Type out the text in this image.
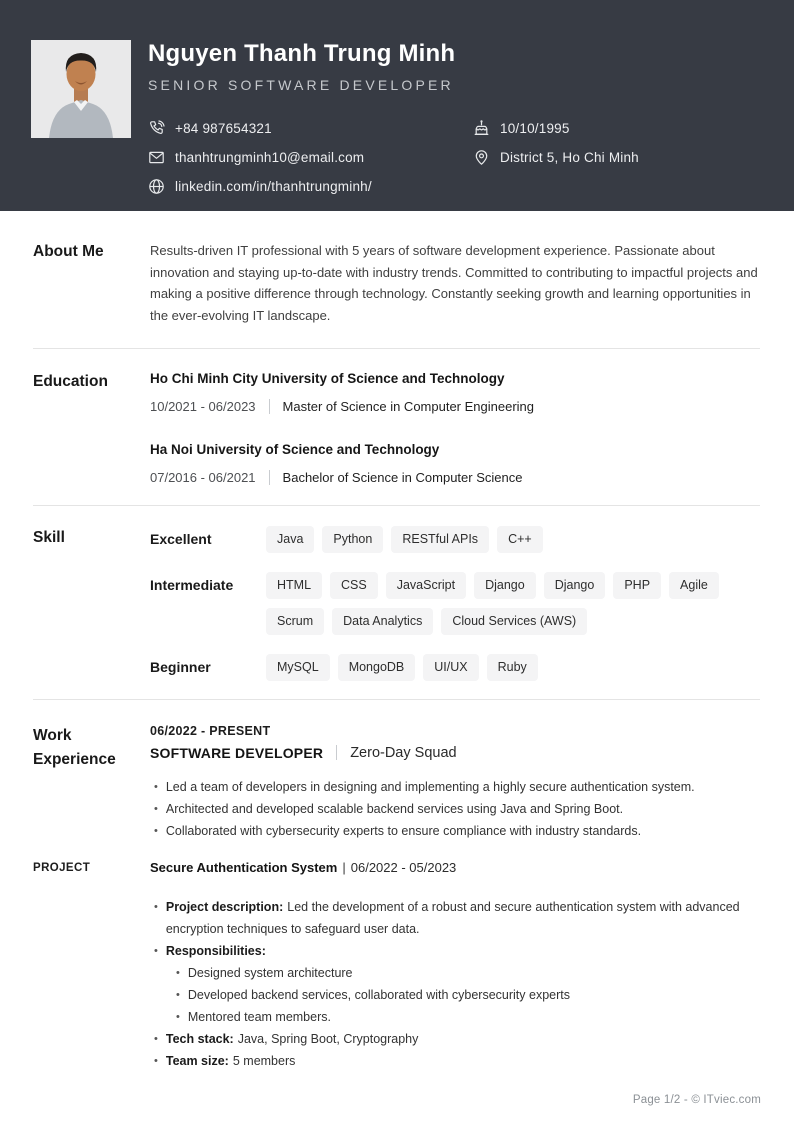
Nguyen Thanh Trung Minh
SENIOR SOFTWARE DEVELOPER
+84 987654321
thanhtrungminh10@email.com
linkedin.com/in/thanhtrungminh/
10/10/1995
District 5, Ho Chi Minh
About Me	Results-driven IT professional with 5 years of software development experience. Passionate about innovation and staying up-to-date with industry trends. Committed to contributing to impactful projects and making a positive difference through technology. Constantly seeking growth and learning opportunities in the ever-evolving IT landscape.

Education	Ho Chi Minh City University of Science and Technology
10/2021 - 06/2023 Master of Science in Computer Engineering
Ha Noi University of Science and Technology
07/2016 - 06/2021 Bachelor of Science in Computer Science
Skill	Excellent	Java	Python	RESTful APIs	C++
Intermediate	HTML	CSS	JavaScript	Django	Django	PHP	Agile
Scrum	Data Analytics	Cloud Services (AWS)
Beginner	MySQL	MongoDB	UI/UX	Ruby
Work Experience
06/2022 - PRESENT
SOFTWARE DEVELOPER Zero-Day Squad
• Led a team of developers in designing and implementing a highly secure authentication system.
• Architected and developed scalable backend services using Java and Spring Boot.
• Collaborated with cybersecurity experts to ensure compliance with industry standards.
PROJECT	Secure Authentication System | 06/2022 - 05/2023
• Project description: Led the development of a robust and secure authentication system with advanced encryption techniques to safeguard user data.
• Responsibilities:
• Designed system architecture
• Developed backend services, collaborated with cybersecurity experts
• Mentored team members.
• Tech stack: Java, Spring Boot, Cryptography
• Team size: 5 members
Page 1/2 - © ITviec.com
